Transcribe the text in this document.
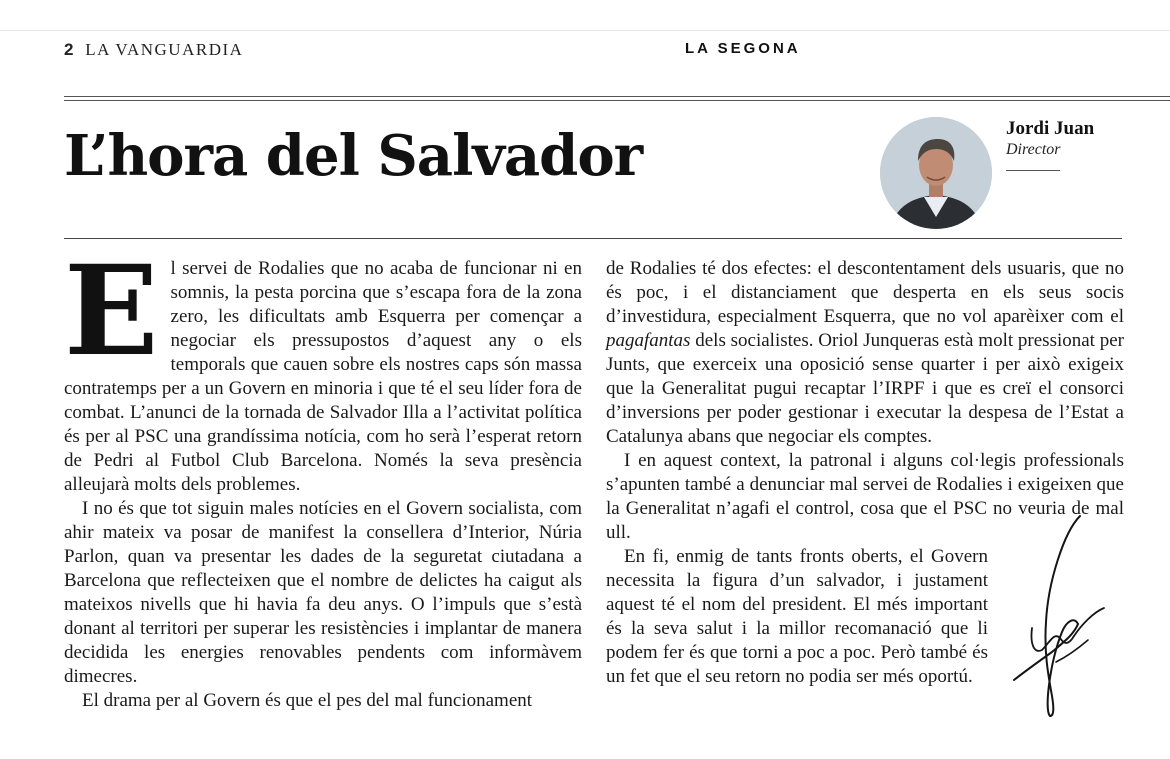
2 LA VANGUARDIA	LA SEGONA
L’hora del Salvador	Jordi Juan
Director

El servei de Rodalies que no acaba de funcionar ni en somnis, la pesta porcina que s’escapa fora de la zona zero, les dificultats amb Esquerra per començar a negociar els pressupostos d’aquest any o els temporals que cauen sobre els nostres caps són massa contratemps per a un Govern en minoria i que té el seu líder fora de combat. L’anunci de la tornada de Salvador Illa a l’activitat política és per al PSC una grandíssima notícia, com ho serà l’esperat retorn de Pedri al Futbol Club Barcelona. Només la seva presència alleujarà molts dels problemes.

I no és que tot siguin males notícies en el Govern socialista, com ahir mateix va posar de manifest la consellera d’Interior, Núria Parlon, quan va presentar les dades de la seguretat ciutadana a Barcelona que reflecteixen que el nombre de delictes ha caigut als mateixos nivells que hi havia fa deu anys. O l’impuls que s’està donant al territori per superar les resistències i implantar de manera decidida les energies renovables pendents com informàvem dimecres.

El drama per al Govern és que el pes del mal funcionament

de Rodalies té dos efectes: el descontentament dels usuaris, que no és poc, i el distanciament que desperta en els seus socis d’investidura, especialment Esquerra, que no vol aparèixer com el pagafantas dels socialistes. Oriol Junqueras està molt pressionat per Junts, que exerceix una oposició sense quarter i per això exigeix que la Generalitat pugui recaptar l’IRPF i que es creï el consorci d’inversions per poder gestionar i executar la despesa de l’Estat a Catalunya abans que negociar els comptes.

I en aquest context, la patronal i alguns col·legis professionals s’apunten també a denunciar mal servei de Rodalies i exigeixen que la Generalitat n’agafi el control, cosa que el PSC no veuria de mal ull.

En fi, enmig de tants fronts oberts, el Govern necessita la figura d’un salvador, i justament aquest té el nom del president. El més important és la seva salut i la millor recomanació que li podem fer és que torni a poc a poc. Però també és un fet que el seu retorn no podia ser més oportú.
